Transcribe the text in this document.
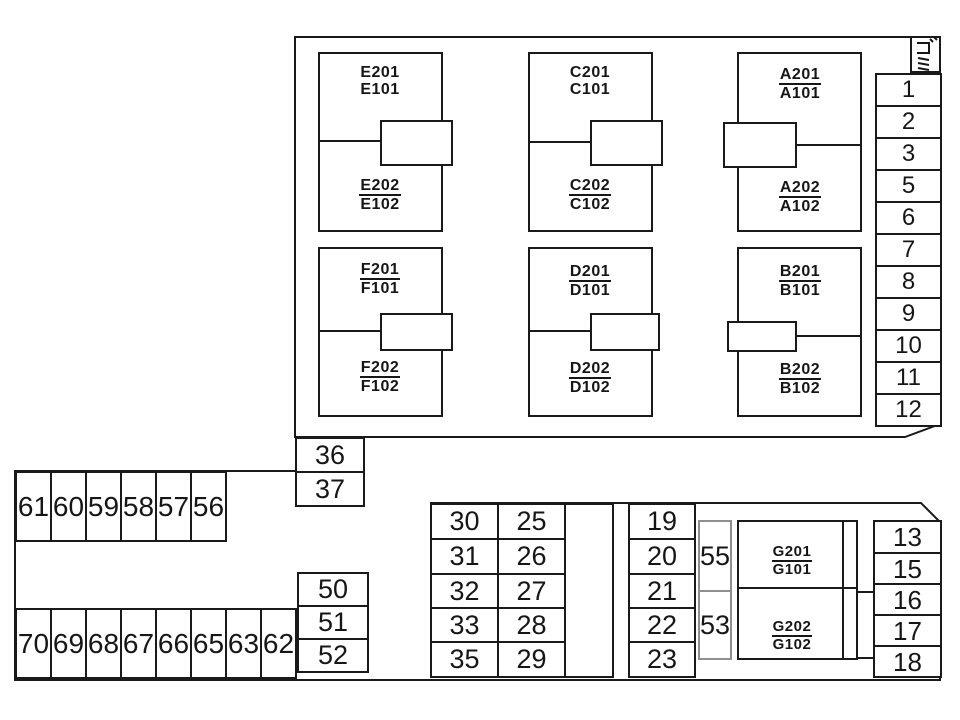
E201
E101
E202
E102
C201
C101
C202
C102
A201
A101
A202
A102
F201
F101
F202
F102
D201
D101
D202
D102
B201
B101
B202
B102
G201
G101
G202
G102
1
2
3
5
6
7
8
9
10
11
12
36
37
61 60 59 58 57 56
70 69 68 67 66 65 63 62
50
51
52
19
20
21
22
23
55
53
13
15
16
17
18
30 25
31 26
32 27
33 28
35 29
